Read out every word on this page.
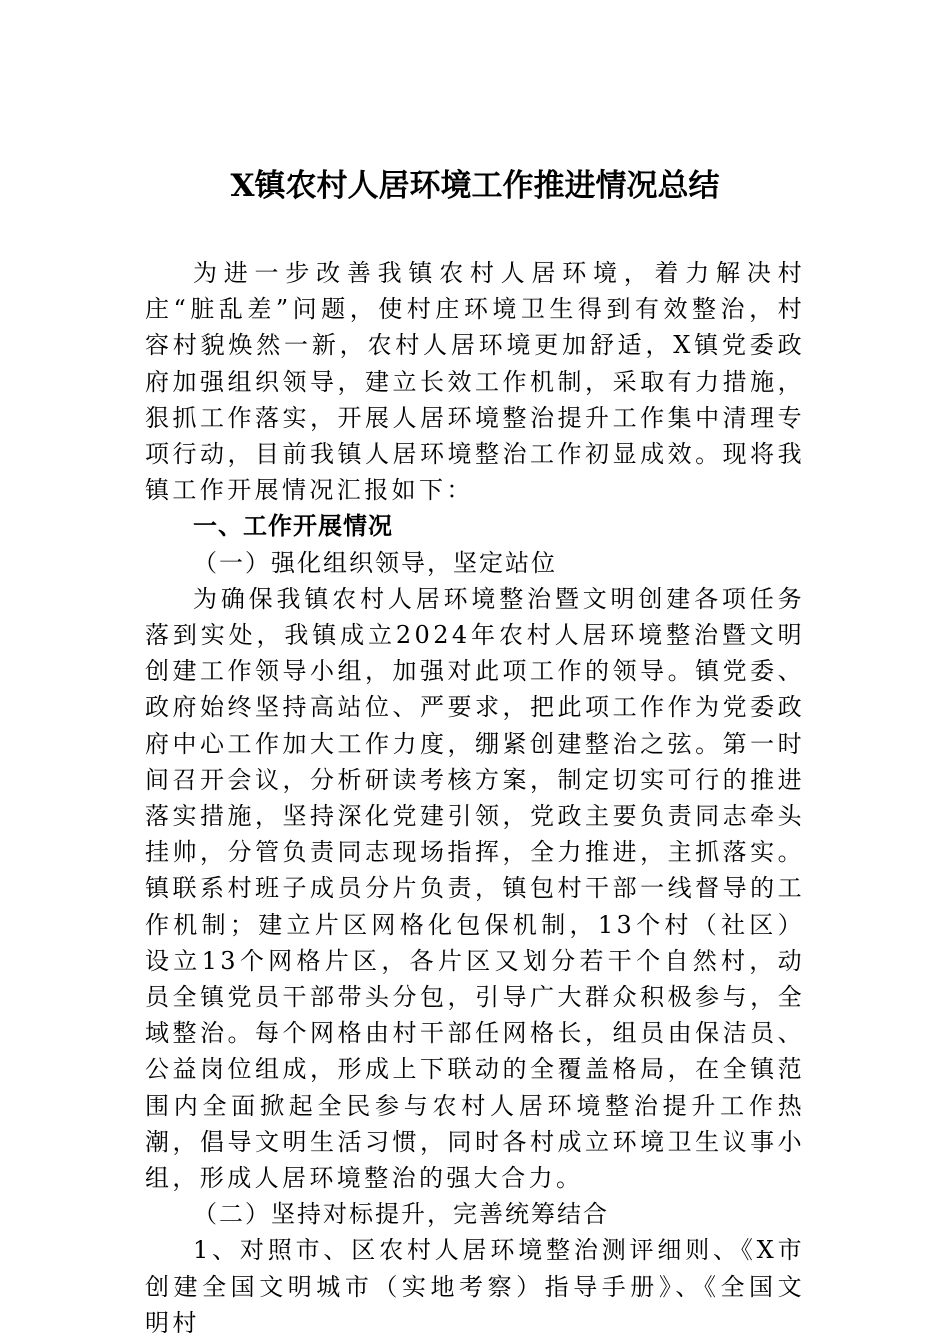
X镇农村人居环境工作推进情况总结

为进一步改善我镇农村人居环境，着力解决村庄“脏乱差”问题，使村庄环境卫生得到有效整治，村容村貌焕然一新，农村人居环境更加舒适，X镇党委政府加强组织领导，建立长效工作机制，采取有力措施，狠抓工作落实，开展人居环境整治提升工作集中清理专项行动，目前我镇人居环境整治工作初显成效。现将我镇工作开展情况汇报如下：

一、工作开展情况

（一）强化组织领导，坚定站位

为确保我镇农村人居环境整治暨文明创建各项任务落到实处，我镇成立2024年农村人居环境整治暨文明创建工作领导小组，加强对此项工作的领导。镇党委、政府始终坚持高站位、严要求，把此项工作作为党委政府中心工作加大工作力度，绷紧创建整治之弦。第一时间召开会议，分析研读考核方案，制定切实可行的推进落实措施，坚持深化党建引领，党政主要负责同志牵头挂帅，分管负责同志现场指挥，全力推进，主抓落实。镇联系村班子成员分片负责，镇包村干部一线督导的工作机制；建立片区网格化包保机制，13个村（社区）设立13个网格片区，各片区又划分若干个自然村，动员全镇党员干部带头分包，引导广大群众积极参与，全域整治。每个网格由村干部任网格长，组员由保洁员、公益岗位组成，形成上下联动的全覆盖格局，在全镇范围内全面掀起全民参与农村人居环境整治提升工作热潮，倡导文明生活习惯，同时各村成立环境卫生议事小组，形成人居环境整治的强大合力。

（二）坚持对标提升，完善统筹结合

1、对照市、区农村人居环境整治测评细则、《X市创建全国文明城市（实地考察）指导手册》、《全国文明村
